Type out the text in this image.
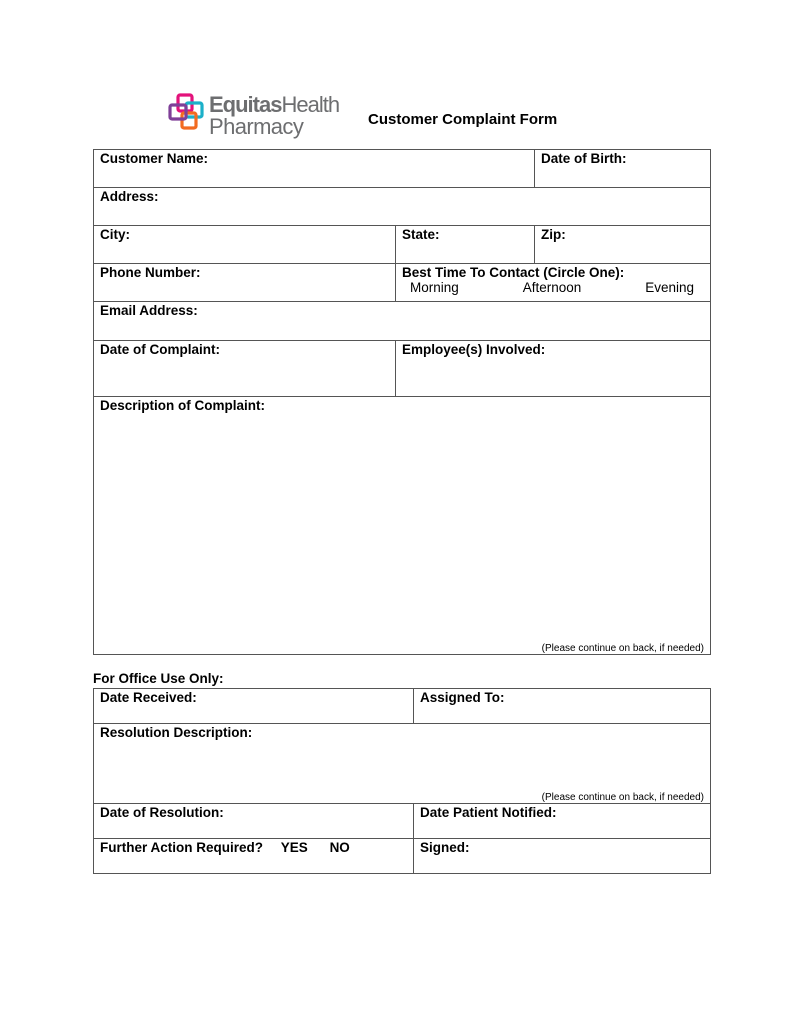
EquitasHealth
Pharmacy	Customer Complaint Form
Customer Name:		Date of Birth:
Address:		
City:	State:	Zip:
Phone Number:	Best Time To Contact (Circle One):
Morning Afternoon Evening	

Email Address:		
Date of Complaint:	Employee(s) Involved:	
Description of Complaint:
(Please continue on back, if needed)		
For Office Use Only:
Date Received:	Assigned To:
Resolution Description:
(Please continue on back, if needed)	

Date of Resolution:	Date Patient Notified:
Further Action Required? YES NO	Signed:
